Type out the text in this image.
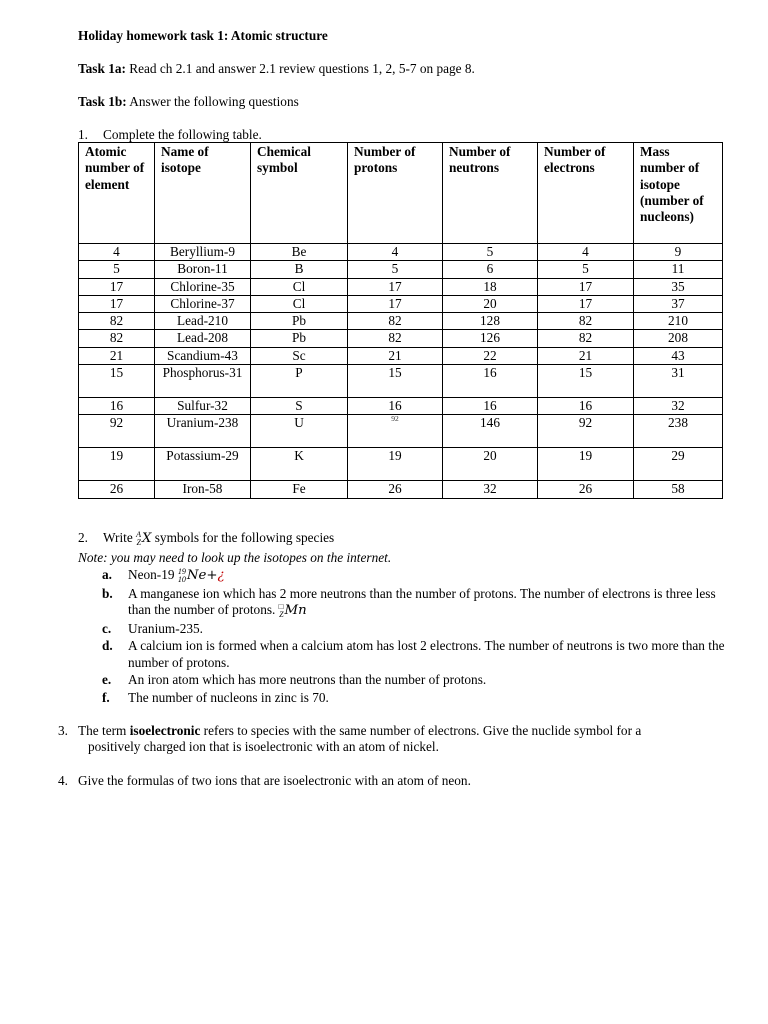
Holiday homework task 1: Atomic structure
Task 1a: Read ch 2.1 and answer 2.1 review questions 1, 2, 5-7 on page 8.
Task 1b: Answer the following questions
1. Complete the following table.
Atomic number of element	Name of isotope	Chemical symbol	Number of protons	Number of neutrons	Number of electrons	Mass number of isotope (number of nucleons)
4	Beryllium-9	Be	4	5	4	9
5	Boron-11	B	5	6	5	11
17	Chlorine-35	Cl	17	18	17	35
17	Chlorine-37	Cl	17	20	17	37
82	Lead-210	Pb	82	128	82	210
82	Lead-208	Pb	82	126	82	208
21	Scandium-43	Sc	21	22	21	43
15	Phosphorus-31	P	15	16	15	31
16	Sulfur-32	S	16	16	16	32
92	Uranium-238	U	92	146	92	238
19	Potassium-29	K	19	20	19	29
26	Iron-58	Fe	26	32	26	58
2. Write A
ZX symbols for the following species
Note: you may need to look up the isotopes on the internet.
a. Neon-19 19
10Ne+¿
b. A manganese ion which has 2 more neutrons than the number of protons. The number of electrons is three less than the number of protons. □
ZMn
c. Uranium-235.
d. A calcium ion is formed when a calcium atom has lost 2 electrons. The number of neutrons is two more than the number of protons.
e. An iron atom which has more neutrons than the number of protons.
f. The number of nucleons in zinc is 70.
3. The term isoelectronic refers to species with the same number of electrons. Give the nuclide symbol for a
positively charged ion that is isoelectronic with an atom of nickel.
4. Give the formulas of two ions that are isoelectronic with an atom of neon.
